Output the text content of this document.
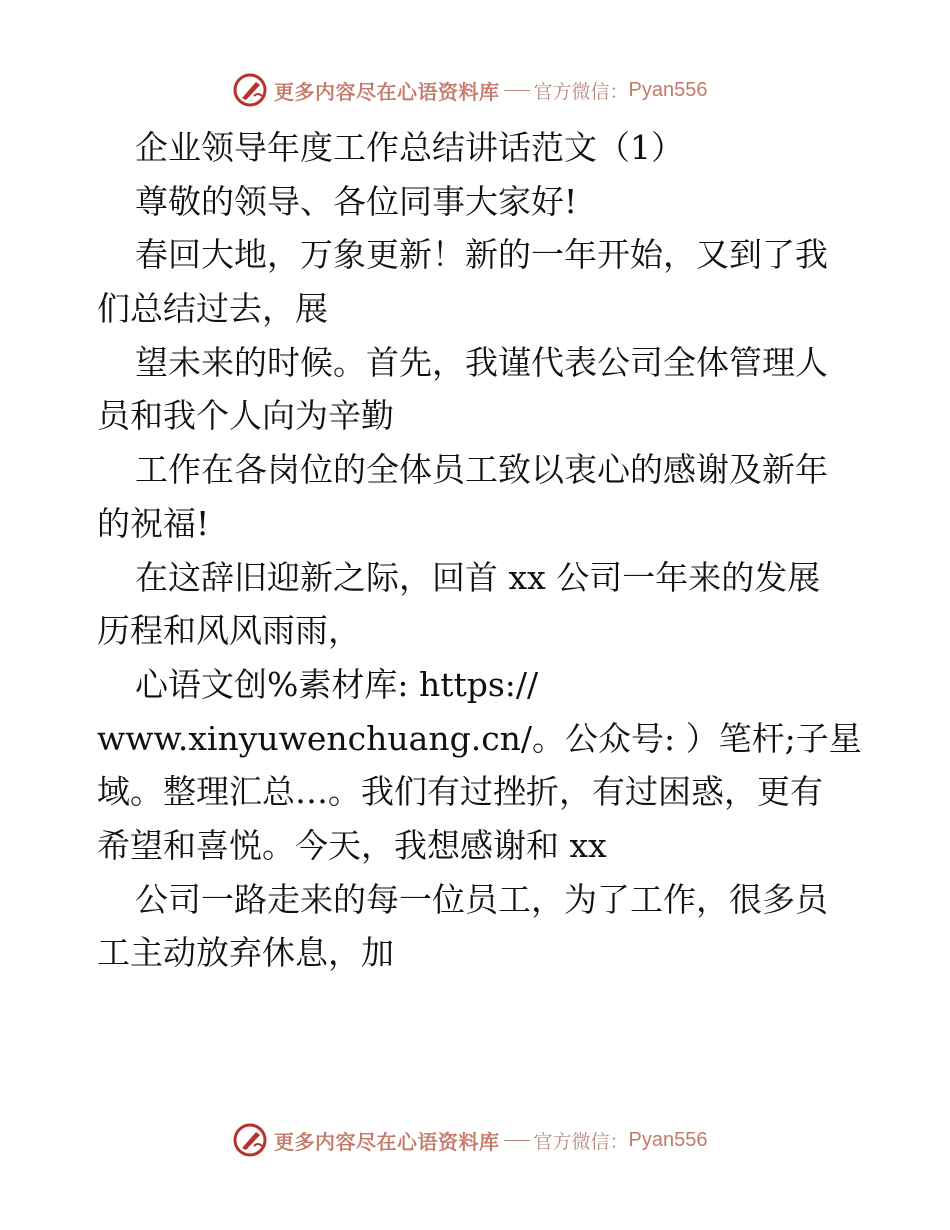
更多内容尽在心语资料库 官方微信： Pyan556
企业领导年度工作总结讲话范文（1）
尊敬的领导、各位同事大家好!
春回大地，万象更新！新的一年开始，又到了我
们总结过去，展
望未来的时候。首先，我谨代表公司全体管理人
员和我个人向为辛勤
工作在各岗位的全体员工致以衷心的感谢及新年
的祝福!
在这辞旧迎新之际，回首 xx 公司一年来的发展
历程和风风雨雨，
心语文创%素材库: https://
www.xinyuwenchuang.cn/。公众号: ）笔杆;子星
域。整理汇总…。我们有过挫折，有过困惑，更有
希望和喜悦。今天，我想感谢和 xx
公司一路走来的每一位员工，为了工作，很多员
工主动放弃休息，加
更多内容尽在心语资料库 官方微信： Pyan556
